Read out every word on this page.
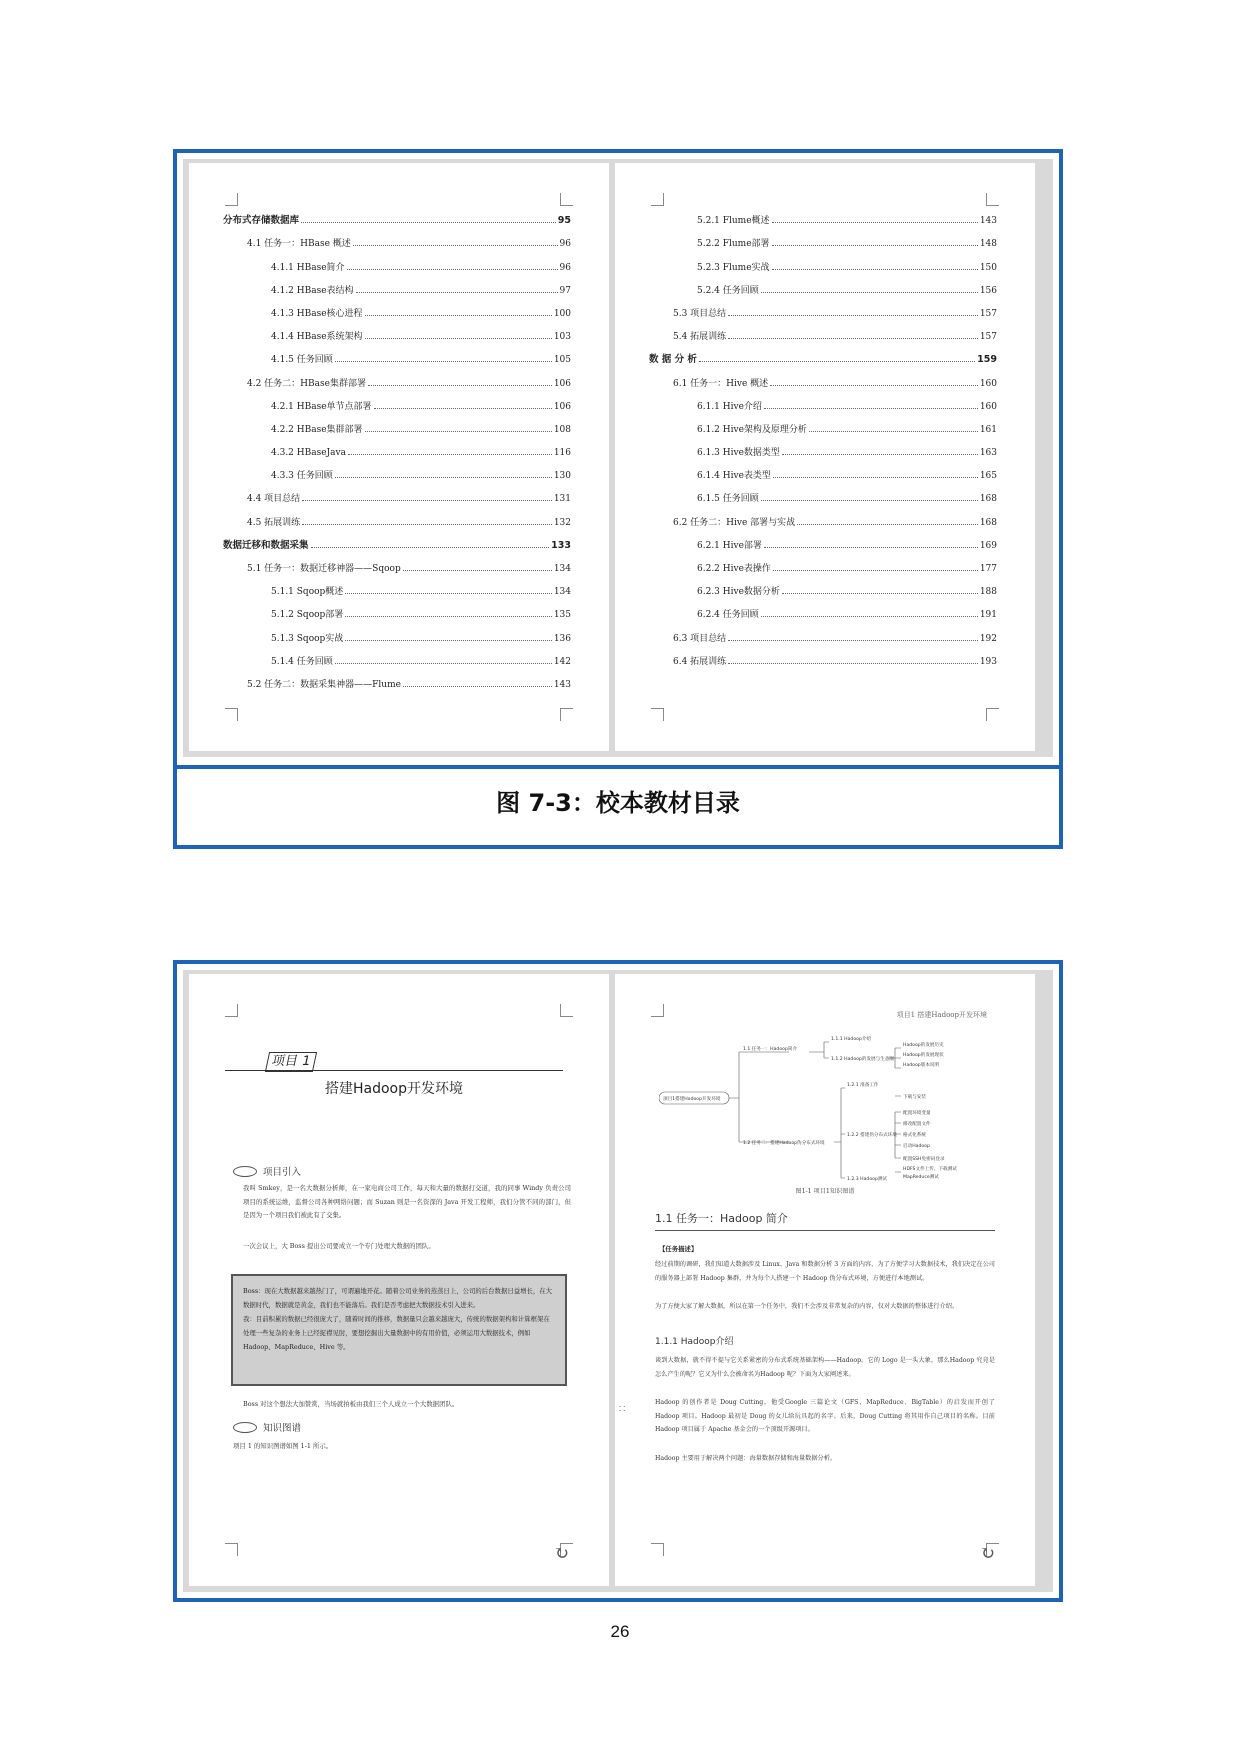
分布式存储数据库	95
4.1 任务一：HBase 概述	96
4.1.1 HBase简介	96
4.1.2 HBase表结构	97
4.1.3 HBase核心进程	100
4.1.4 HBase系统架构	103
4.1.5 任务回顾	105
4.2 任务二：HBase集群部署	106
4.2.1 HBase单节点部署	106
4.2.2 HBase集群部署	108
4.3.2 HBaseJava	116
4.3.3 任务回顾	130
4.4 项目总结	131
4.5 拓展训练	132
数据迁移和数据采集	133
5.1 任务一：数据迁移神器——Sqoop	134
5.1.1 Sqoop概述	134
5.1.2 Sqoop部署	135
5.1.3 Sqoop实战	136
5.1.4 任务回顾	142
5.2 任务二：数据采集神器——Flume	143
5.2.1 Flume概述	143
5.2.2 Flume部署	148
5.2.3 Flume实战	150
5.2.4 任务回顾	156
5.3 项目总结	157
5.4 拓展训练	157
数 据 分 析	159
6.1 任务一：Hive 概述	160
6.1.1 Hive介绍	160
6.1.2 Hive架构及原理分析	161
6.1.3 Hive数据类型	163
6.1.4 Hive表类型	165
6.1.5 任务回顾	168
6.2 任务二：Hive 部署与实战	168
6.2.1 Hive部署	169
6.2.2 Hive表操作	177
6.2.3 Hive数据分析	188
6.2.4 任务回顾	191
6.3 项目总结	192
6.4 拓展训练	193
图 7-3：校本教材目录
项目 1
搭建Hadoop开发环境
项目引入
我叫 Smkey，是一名大数据分析师，在一家电商公司工作，每天和大量的数据打交道，我的同事 Windy 负责公司项目的系统运维，监督公司各种网络问题；而 Suzan 则是一名资深的 Java 开发工程师，我们分管不同的部门，但是因为一个项目我们被此有了交集。
一次会议上，大 Boss 提出公司要成立一个专门处理大数据的团队。
Boss：现在大数据越来越热门了，可谓遍地开花。随着公司业务的蒸蒸日上，公司的后台数据日益增长，在大数据时代，数据就是黄金，我们也不能落后。我们是否考虑把大数据技术引入进来。
我：目前积累的数据已经很庞大了，随着时间的推移，数据量只会越来越庞大，传统的数据架构和计算框架在处理一些复杂的业务上已经捉襟见肘，要想挖掘出大量数据中的有用价值，必须运用大数据技术，例如 Hadoop、MapReduce、Hive 等。
Boss 对这个想法大加赞赏，当场就拍板由我们三个人成立一个大数据团队。
知识图谱
项目 1 的知识图谱如图 1-1 所示。
↻
项目1 搭建Hadoop开发环境
项目1搭建Hadoop开发环境
1.1 任务一：Hadoop简介
1.1.1 Hadoop介绍
1.1.2 Hadoop的发展与生态圈
Hadoop的发展历史
Hadoop的发展现状
Hadoop版本说明
1.2 任务二：搭建Hadoop伪分布式环境
1.2.1 准备工作
1.2.2 搭建伪分布式环境
1.2.3 Hadoop测试
下载与安装
配置环境变量
修改配置文件
格式化系统
启动Hadoop
配置SSH免密码登录
HDFS文件上传、下载测试
MapReduce测试
图1-1 项目1知识图谱
1.1 任务一：Hadoop 简介
【任务描述】
经过前期的调研，我们知道大数据涉及 Linux、Java 和数据分析 3 方面的内容，为了方便学习大数据技术，我们决定在公司的服务器上部署 Hadoop 集群，并为每个人搭建一个 Hadoop 伪分布式环境，方便进行本地测试。
为了方便大家了解大数据，所以在第一个任务中，我们不会涉及非常复杂的内容，仅对大数据的整体进行介绍。
1.1.1 Hadoop介绍
谈到大数据，就不得不提与它关系紧密的分布式系统基础架构——Hadoop。它的 Logo 是一头大象，那么Hadoop 究竟是怎么产生的呢？它又为什么会被命名为Hadoop 呢？下面为大家阐述来。
Hadoop 的创作者是 Doug Cutting，他受Google 三篇论文（GFS、MapReduce、BigTable）的启发而开创了 Hadoop 项目。Hadoop 最初是 Doug 的女儿给玩具起的名字。后来，Doug Cutting 将其用作自己项目的名称。目前 Hadoop 项目属于 Apache 基金会的一个顶级开源项目。
Hadoop 主要用于解决两个问题：海量数据存储和海量数据分析。
∷
↻
26
